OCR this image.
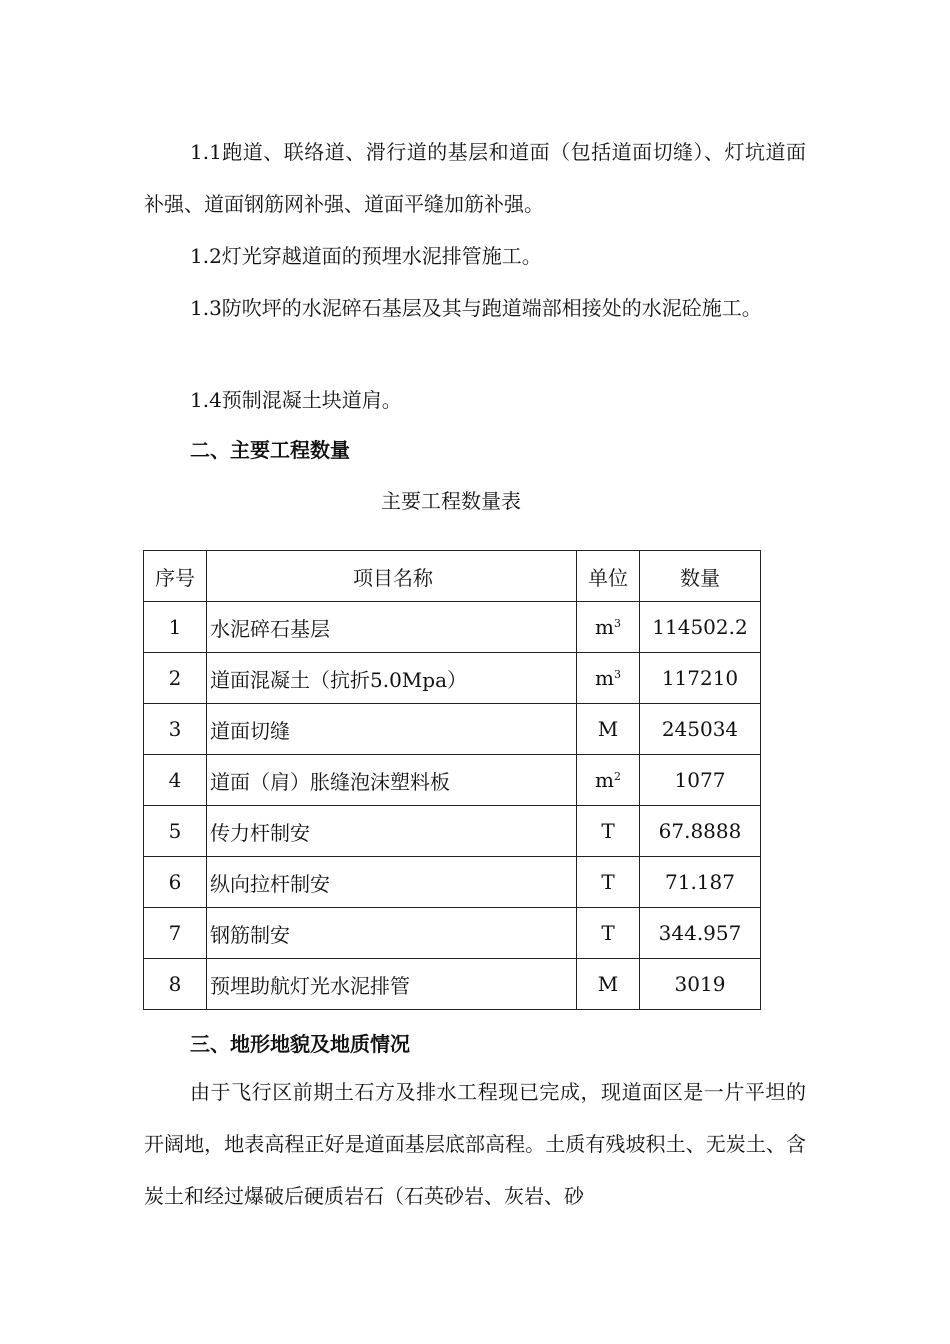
1.1跑道、联络道、滑行道的基层和道面（包括道面切缝）、灯坑道面补强、道面钢筋网补强、道面平缝加筋补强。

1.2灯光穿越道面的预埋水泥排管施工。

1.3防吹坪的水泥碎石基层及其与跑道端部相接处的水泥砼施工。

1.4预制混凝土块道肩。

二、主要工程数量

主要工程数量表

序号	项目名称	单位	数量
1	水泥碎石基层	$m^3$	114502.2
2	道面混凝土（抗折5.0Mpa）	$m^3$	117210
3	道面切缝	M	245034
4	道面（肩）胀缝泡沫塑料板	$m^2$	1077
5	传力杆制安	T	67.8888
6	纵向拉杆制安	T	71.187
7	钢筋制安	T	344.957
8	预埋助航灯光水泥排管	M	3019
三、地形地貌及地质情况

由于飞行区前期土石方及排水工程现已完成，现道面区是一片平坦的开阔地，地表高程正好是道面基层底部高程。土质有残坡积土、无炭土、含炭土和经过爆破后硬质岩石（石英砂岩、灰岩、砂
